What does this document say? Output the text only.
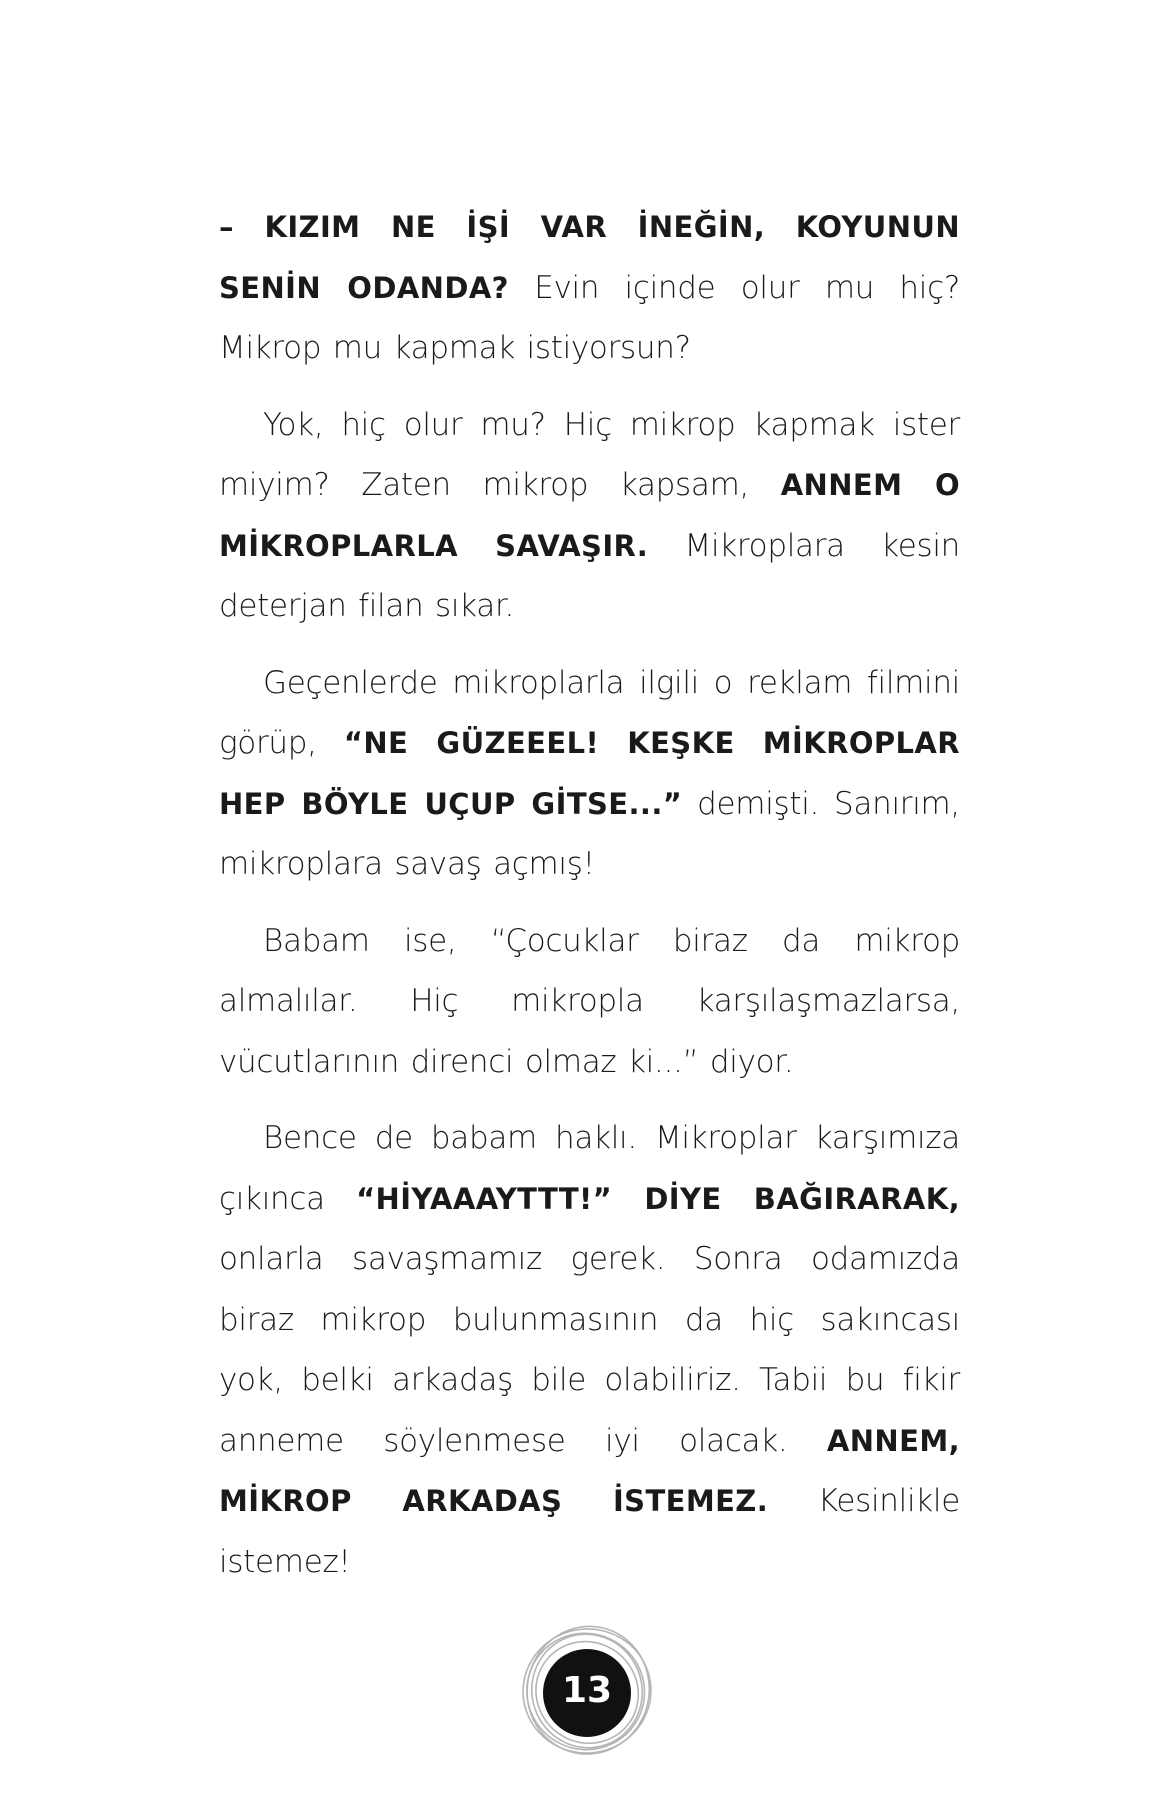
– KIZIM NE İŞİ VAR İNEĞİN, KOYUNUN SENİN ODANDA? Evin içinde olur mu hiç? Mikrop mu kapmak istiyorsun?

Yok, hiç olur mu? Hiç mikrop kapmak ister miyim? Zaten mikrop kapsam, ANNEM O MİKROPLARLA SAVAŞIR. Mikroplara kesin deterjan filan sıkar.

Geçenlerde mikroplarla ilgili o reklam filmini görüp, “NE GÜZEEEL! KEŞKE MİKROPLAR HEP BÖYLE UÇUP GİTSE...” demişti. Sanırım, mikroplara savaş açmış!

Babam ise, “Çocuklar biraz da mikrop almalılar. Hiç mikropla karşılaşmazlarsa, vücutlarının direnci olmaz ki...” diyor.

Bence de babam haklı. Mikroplar karşımıza çıkınca “HİYAAAYTTT!” DİYE BAĞIRARAK, onlarla savaşmamız gerek. Sonra odamızda biraz mikrop bulunmasının da hiç sakıncası yok, belki arkadaş bile olabiliriz. Tabii bu fikir anneme söylenmese iyi olacak. ANNEM, MİKROP ARKADAŞ İSTEMEZ. Kesinlikle istemez!

13
